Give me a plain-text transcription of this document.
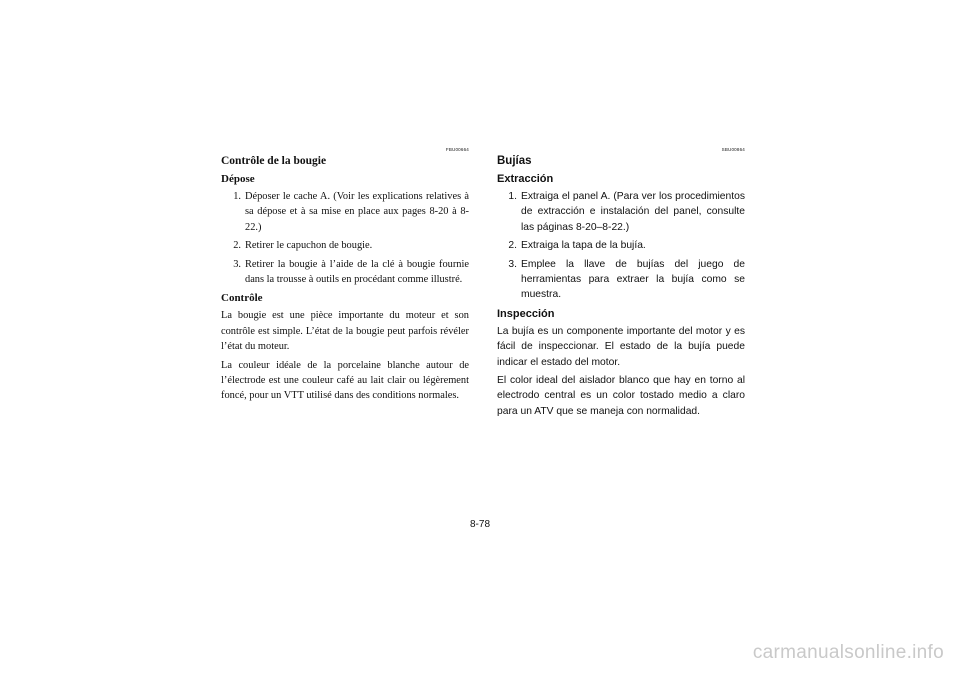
FBU00664
Contrôle de la bougie
Dépose
1. Déposer le cache A. (Voir les explications relatives à sa dépose et à sa mise en place aux pages 8-20 à 8-22.)
2. Retirer le capuchon de bougie.
3. Retirer la bougie à l’aide de la clé à bougie fournie dans la trousse à outils en procédant comme illustré.
Contrôle
La bougie est une pièce importante du moteur et son contrôle est simple. L’état de la bougie peut parfois révéler l’état du moteur.
La couleur idéale de la porcelaine blanche autour de l’électrode est une couleur café au lait clair ou légèrement foncé, pour un VTT utilisé dans des conditions normales.
SBU00864
Bujías
Extracción
1. Extraiga el panel A. (Para ver los procedimientos de extracción e instalación del panel, consulte las páginas 8-20–8-22.)
2. Extraiga la tapa de la bujía.
3. Emplee la llave de bujías del juego de herramientas para extraer la bujía como se muestra.
Inspección
La bujía es un componente importante del motor y es fácil de inspeccionar. El estado de la bujía puede indicar el estado del motor.
El color ideal del aislador blanco que hay en torno al electrodo central es un color tostado medio a claro para un ATV que se maneja con normalidad.
8-78
carmanualsonline.info
